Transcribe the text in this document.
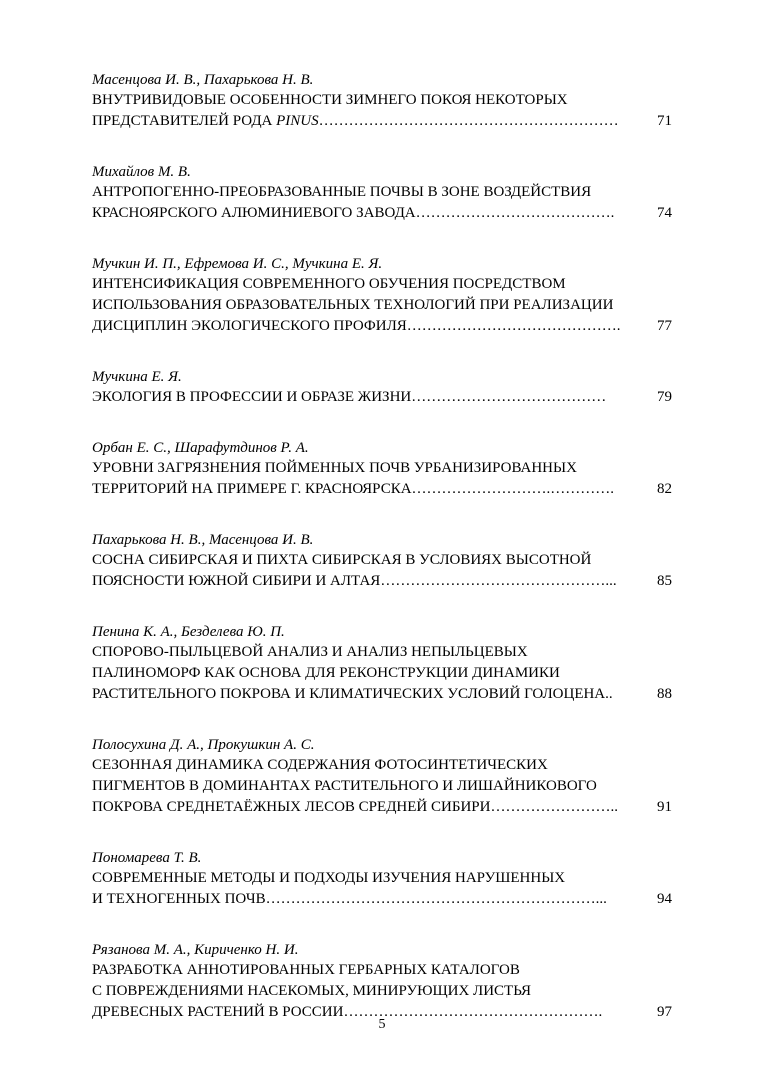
Масенцова И. В., Пахарькова Н. В.
ВНУТРИВИДОВЫЕ ОСОБЕННОСТИ ЗИМНЕГО ПОКОЯ НЕКОТОРЫХ
ПРЕДСТАВИТЕЛЕЙ РОДА PINUS……………………………………………………	71
Михайлов М. В.
АНТРОПОГЕННО-ПРЕОБРАЗОВАННЫЕ ПОЧВЫ В ЗОНЕ ВОЗДЕЙСТВИЯ
КРАСНОЯРСКОГО АЛЮМИНИЕВОГО ЗАВОДА………………………………….	74
Мучкин И. П., Ефремова И. С., Мучкина Е. Я.
ИНТЕНСИФИКАЦИЯ СОВРЕМЕННОГО ОБУЧЕНИЯ ПОСРЕДСТВОМ
ИСПОЛЬЗОВАНИЯ ОБРАЗОВАТЕЛЬНЫХ ТЕХНОЛОГИЙ ПРИ РЕАЛИЗАЦИИ
ДИСЦИПЛИН ЭКОЛОГИЧЕСКОГО ПРОФИЛЯ……………………………………. 77
Мучкина Е. Я.
ЭКОЛОГИЯ В ПРОФЕССИИ И ОБРАЗЕ ЖИЗНИ…………………………………	79
Орбан Е. С., Шарафутдинов Р. А.
УРОВНИ ЗАГРЯЗНЕНИЯ ПОЙМЕННЫХ ПОЧВ УРБАНИЗИРОВАННЫХ
ТЕРРИТОРИЙ НА ПРИМЕРЕ Г. КРАСНОЯРСКА……………………….………….	82
Пахарькова Н. В., Масенцова И. В.
СОСНА СИБИРСКАЯ И ПИХТА СИБИРСКАЯ В УСЛОВИЯХ ВЫСОТНОЙ
ПОЯСНОСТИ ЮЖНОЙ СИБИРИ И АЛТАЯ………………………………………...	85
Пенина К. А., Безделева Ю. П.
СПОРОВО-ПЫЛЬЦЕВОЙ АНАЛИЗ И АНАЛИЗ НЕПЫЛЬЦЕВЫХ
ПАЛИНОМОРФ КАК ОСНОВА ДЛЯ РЕКОНСТРУКЦИИ ДИНАМИКИ
РАСТИТЕЛЬНОГО ПОКРОВА И КЛИМАТИЧЕСКИХ УСЛОВИЙ ГОЛОЦЕНА..	88
Полосухина Д. А., Прокушкин А. С.
СЕЗОННАЯ ДИНАМИКА СОДЕРЖАНИЯ ФОТОСИНТЕТИЧЕСКИХ
ПИГМЕНТОВ В ДОМИНАНТАХ РАСТИТЕЛЬНОГО И ЛИШАЙНИКОВОГО
ПОКРОВА СРЕДНЕТАЁЖНЫХ ЛЕСОВ СРЕДНЕЙ СИБИРИ……………………..	91
Пономарева Т. В.
СОВРЕМЕННЫЕ МЕТОДЫ И ПОДХОДЫ ИЗУЧЕНИЯ НАРУШЕННЫХ
И ТЕХНОГЕННЫХ ПОЧВ…………………………………………………………...	94
Рязанова М. А., Кириченко Н. И.
РАЗРАБОТКА АННОТИРОВАННЫХ ГЕРБАРНЫХ КАТАЛОГОВ
С ПОВРЕЖДЕНИЯМИ НАСЕКОМЫХ, МИНИРУЮЩИХ ЛИСТЬЯ
ДРЕВЕСНЫХ РАСТЕНИЙ В РОССИИ…………………………………………….	97
5
